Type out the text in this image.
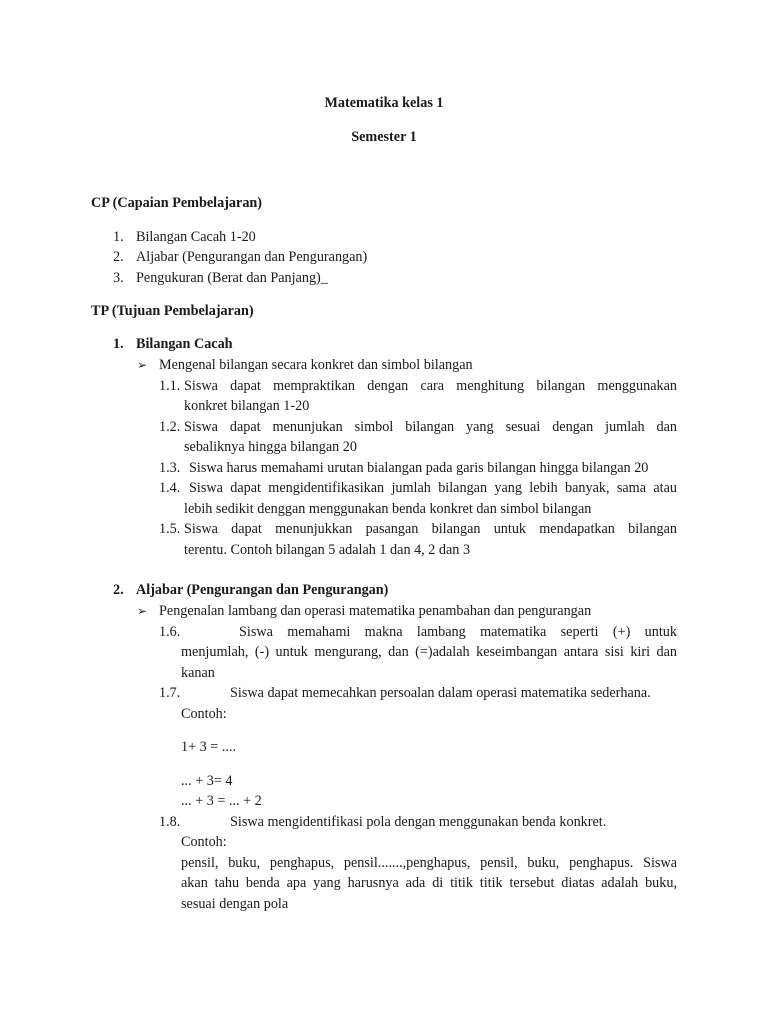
Matematika kelas 1
Semester 1
CP (Capaian Pembelajaran)
1. Bilangan Cacah 1-20
2. Aljabar (Pengurangan dan Pengurangan)
3. Pengukuran (Berat dan Panjang)_
TP (Tujuan Pembelajaran)
1. Bilangan Cacah
➢ Mengenal bilangan secara konkret dan simbol bilangan
1.1. Siswa dapat mempraktikan dengan cara menghitung bilangan menggunakan
konkret bilangan 1-20
1.2. Siswa dapat menunjukan simbol bilangan yang sesuai dengan jumlah dan
sebaliknya hingga bilangan 20
1.3. Siswa harus memahami urutan bialangan pada garis bilangan hingga bilangan 20
1.4. Siswa dapat mengidentifikasikan jumlah bilangan yang lebih banyak, sama atau
lebih sedikit denggan menggunakan benda konkret dan simbol bilangan
1.5. Siswa dapat menunjukkan pasangan bilangan untuk mendapatkan bilangan
terentu. Contoh bilangan 5 adalah 1 dan 4, 2 dan 3
2. Aljabar (Pengurangan dan Pengurangan)
➢ Pengenalan lambang dan operasi matematika penambahan dan pengurangan
1.6.	Siswa memahami makna lambang matematika seperti (+) untuk
menjumlah, (-) untuk mengurang, dan (=)adalah keseimbangan antara sisi kiri dan
kanan
1.7.	Siswa dapat memecahkan persoalan dalam operasi matematika sederhana.
Contoh:
1+ 3 = ....
... + 3= 4
... + 3 = ... + 2
1.8.	Siswa mengidentifikasi pola dengan menggunakan benda konkret.
Contoh:
pensil, buku, penghapus, pensil.......,penghapus, pensil, buku, penghapus. Siswa
akan tahu benda apa yang harusnya ada di titik titik tersebut diatas adalah buku,
sesuai dengan pola
